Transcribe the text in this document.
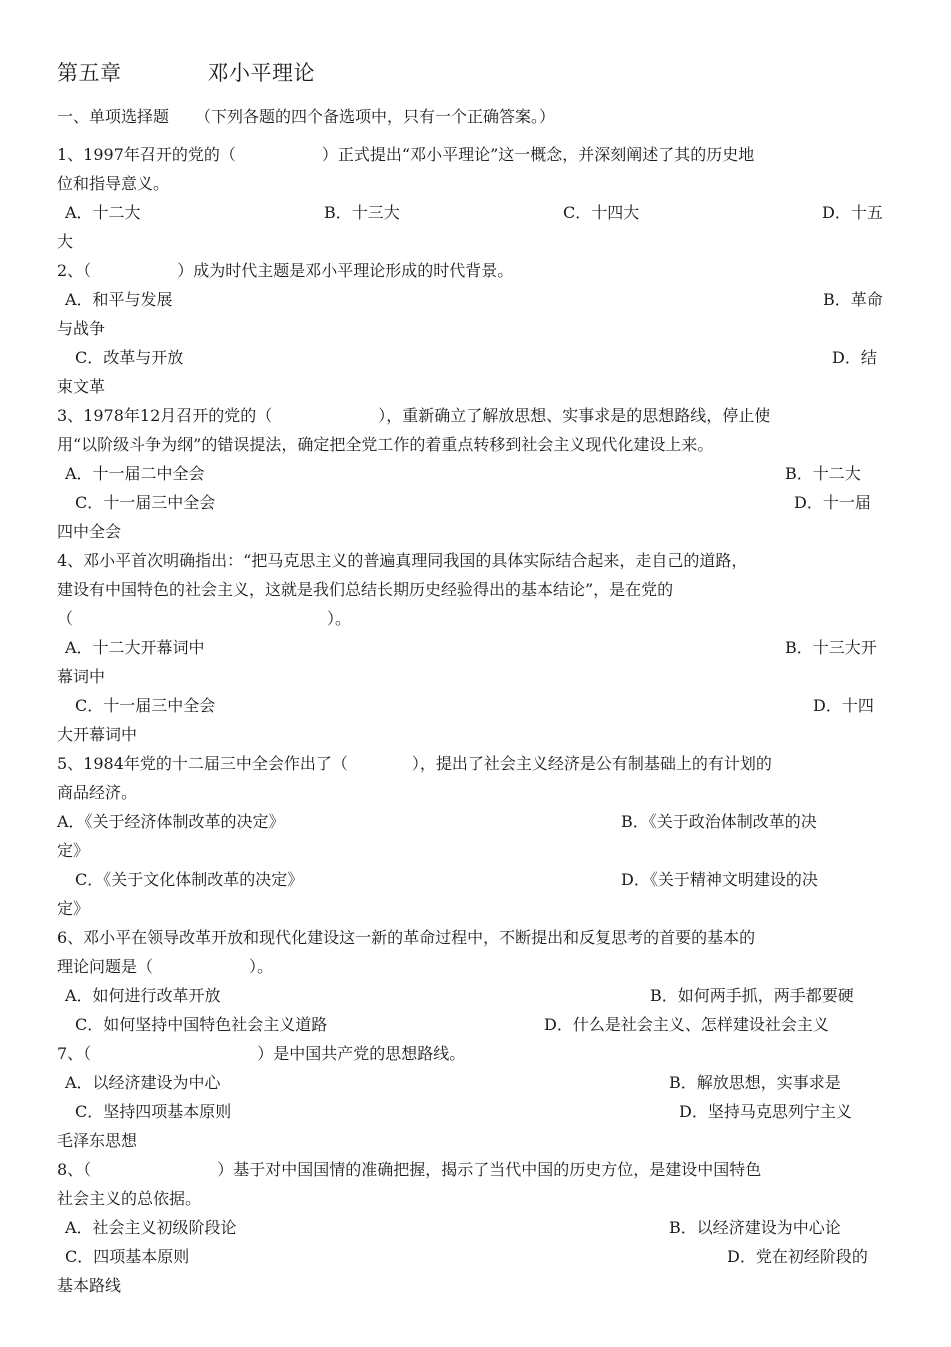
第五章	邓小平理论
一、单项选择题 （下列各题的四个备选项中，只有一个正确答案。）
1、1997年召开的党的（	）正式提出“邓小平理论”这一概念，并深刻阐述了其的历史地
位和指导意义。
A．十二大	B．十三大	C．十四大	D．十五
大
2、（	）成为时代主题是邓小平理论形成的时代背景。
A．和平与发展	B．革命
与战争
C．改革与开放	D．结
束文革
3、1978年12月召开的党的（	），重新确立了解放思想、实事求是的思想路线，停止使
用“以阶级斗争为纲”的错误提法，确定把全党工作的着重点转移到社会主义现代化建设上来。
A．十一届二中全会	B．十二大
C．十一届三中全会	D．十一届
四中全会
4、邓小平首次明确指出：“把马克思主义的普遍真理同我国的具体实际结合起来，走自己的道路，
建设有中国特色的社会主义，这就是我们总结长期历史经验得出的基本结论”，是在党的
（	）。
A．十二大开幕词中	B．十三大开
幕词中
C．十一届三中全会	D．十四
大开幕词中
5、1984年党的十二届三中全会作出了（	），提出了社会主义经济是公有制基础上的有计划的
商品经济。
A．《关于经济体制改革的决定》	B．《关于政治体制改革的决
定》
C．《关于文化体制改革的决定》	D．《关于精神文明建设的决
定》
6、邓小平在领导改革开放和现代化建设这一新的革命过程中，不断提出和反复思考的首要的基本的
理论问题是（	）。
A．如何进行改革开放	B．如何两手抓，两手都要硬
C．如何坚持中国特色社会主义道路	D．什么是社会主义、怎样建设社会主义
7、（	）是中国共产党的思想路线。
A．以经济建设为中心	B．解放思想，实事求是
C．坚持四项基本原则	D．坚持马克思列宁主义
毛泽东思想
8、（	）基于对中国国情的准确把握，揭示了当代中国的历史方位，是建设中国特色
社会主义的总依据。
A．社会主义初级阶段论	B．以经济建设为中心论
C．四项基本原则	D．党在初经阶段的
基本路线
